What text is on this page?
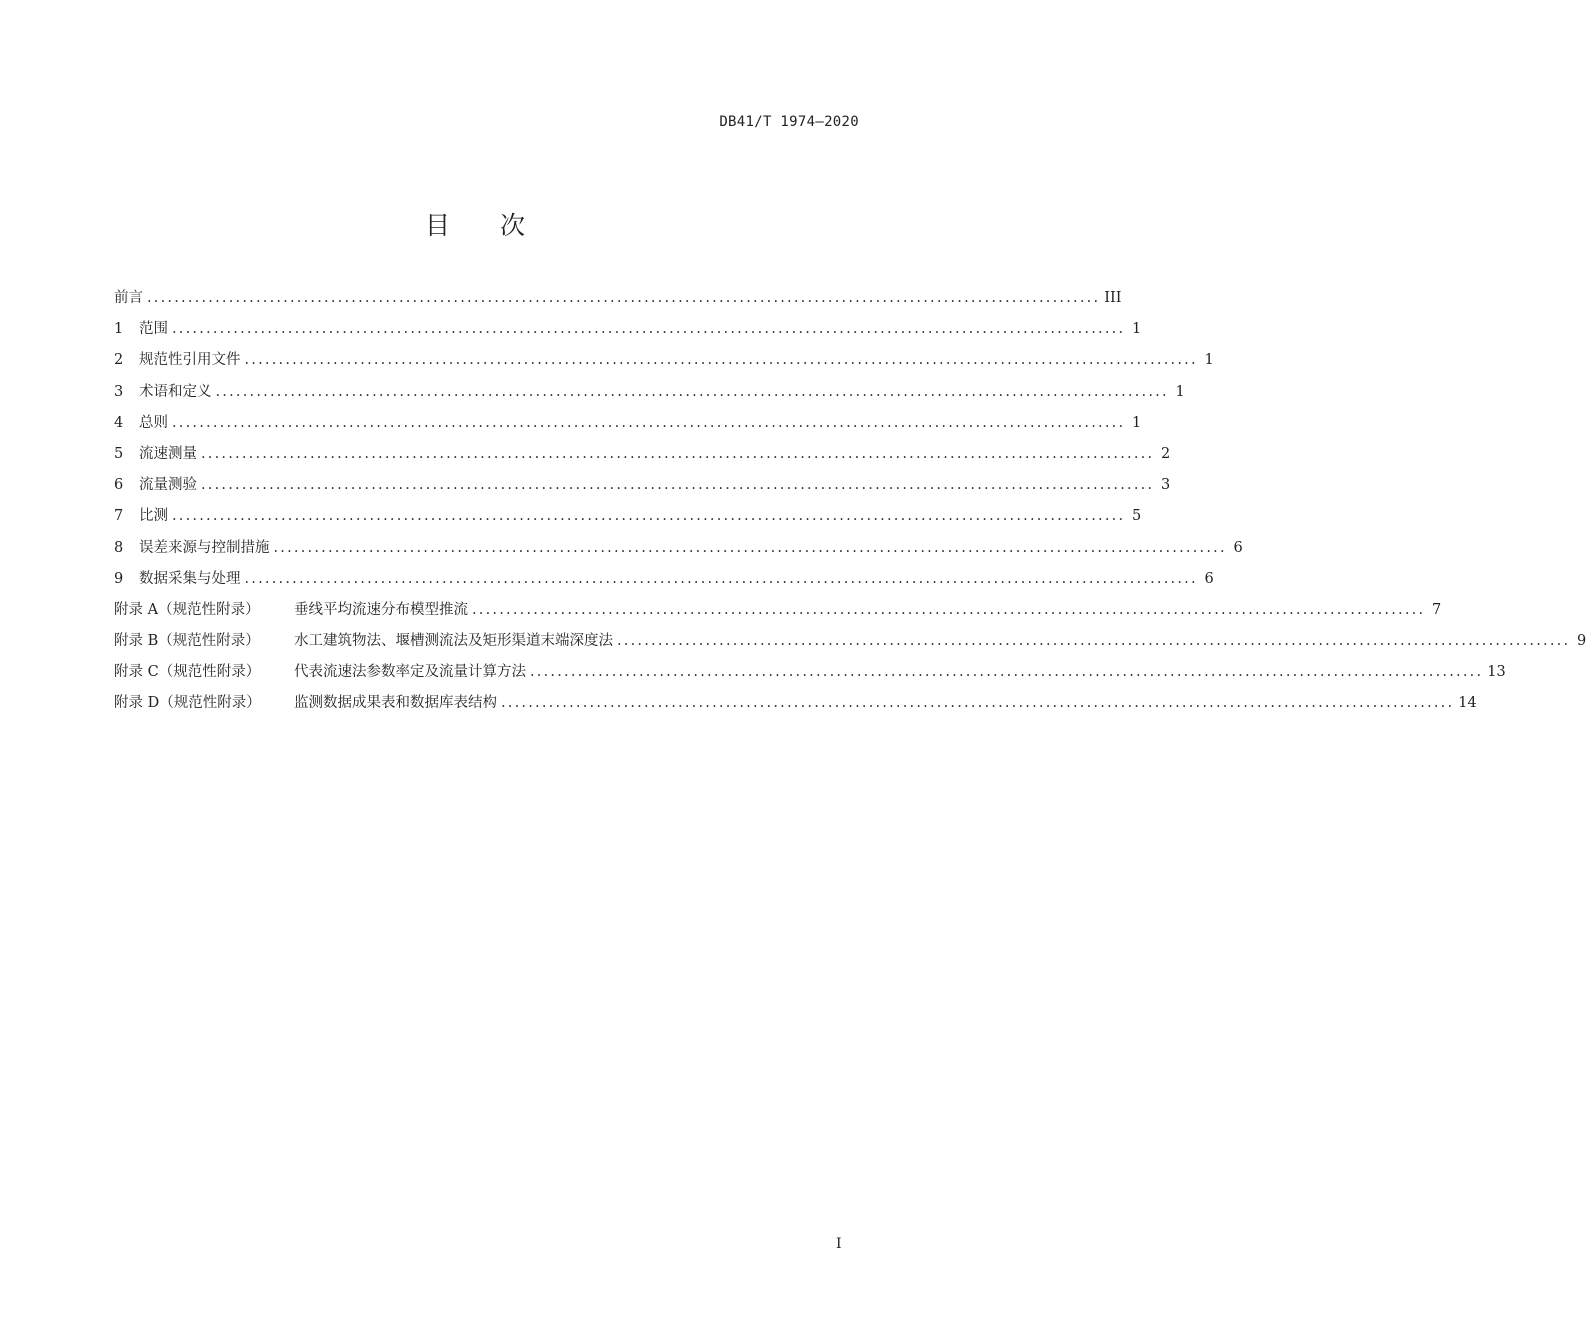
DB41/T 1974—2020
目 次
前言 ............................................................................................................................................ III
1	范围 ............................................................................................................................................ 1
2	规范性引用文件 ............................................................................................................................................ 1
3	术语和定义 ............................................................................................................................................ 1
4	总则 ............................................................................................................................................ 1
5	流速测量 ............................................................................................................................................ 2
6	流量测验 ............................................................................................................................................ 3
7	比测 ............................................................................................................................................ 5
8	误差来源与控制措施 ............................................................................................................................................ 6
9	数据采集与处理 ............................................................................................................................................ 6
附录 A（规范性附录）	垂线平均流速分布模型推流 ............................................................................................................................................ 7
附录 B（规范性附录）	水工建筑物法、堰槽测流法及矩形渠道末端深度法 ............................................................................................................................................ 9
附录 C（规范性附录）	代表流速法参数率定及流量计算方法 ............................................................................................................................................ 13
附录 D（规范性附录）	监测数据成果表和数据库表结构 ............................................................................................................................................ 14
I
